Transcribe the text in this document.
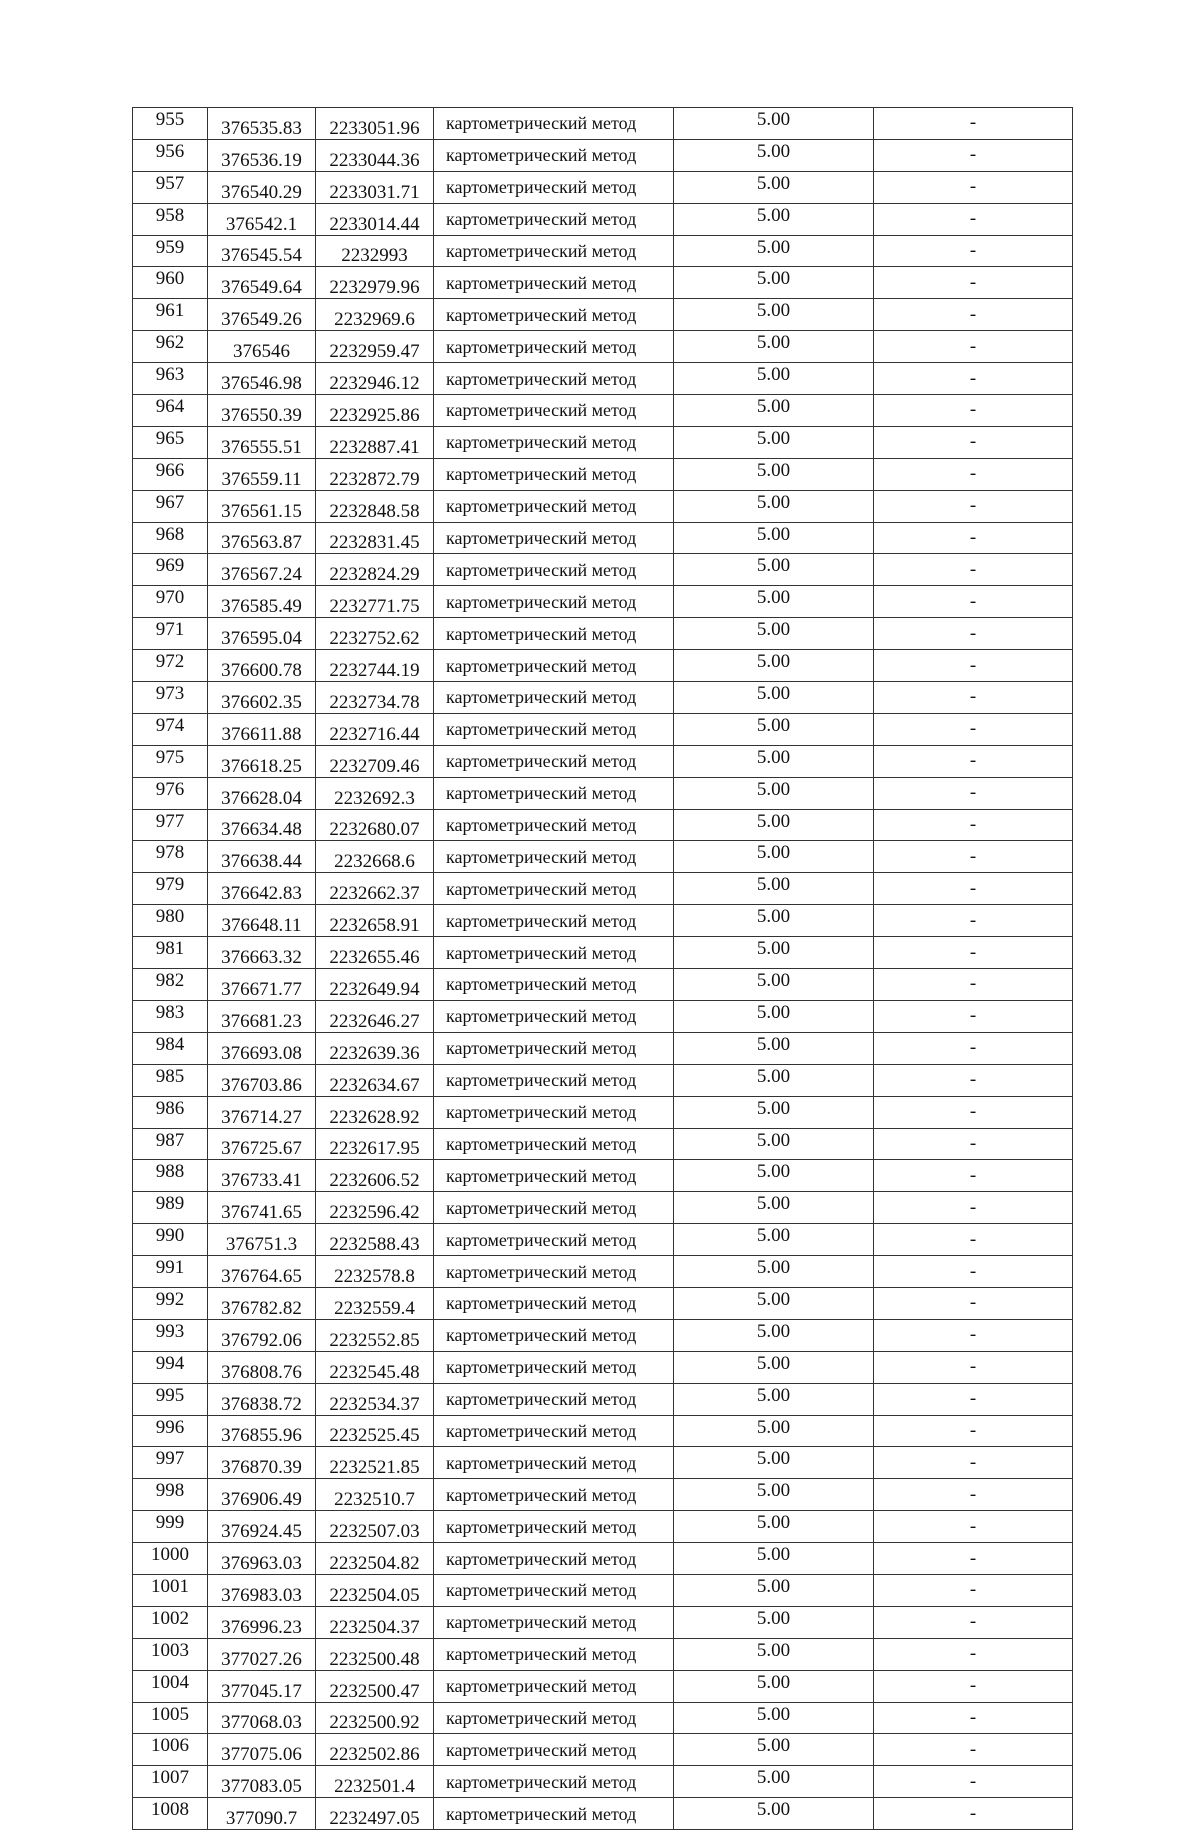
955	376535.83	2233051.96	картометрический метод	5.00	-
956	376536.19	2233044.36	картометрический метод	5.00	-
957	376540.29	2233031.71	картометрический метод	5.00	-
958	376542.1	2233014.44	картометрический метод	5.00	-
959	376545.54	2232993	картометрический метод	5.00	-
960	376549.64	2232979.96	картометрический метод	5.00	-
961	376549.26	2232969.6	картометрический метод	5.00	-
962	376546	2232959.47	картометрический метод	5.00	-
963	376546.98	2232946.12	картометрический метод	5.00	-
964	376550.39	2232925.86	картометрический метод	5.00	-
965	376555.51	2232887.41	картометрический метод	5.00	-
966	376559.11	2232872.79	картометрический метод	5.00	-
967	376561.15	2232848.58	картометрический метод	5.00	-
968	376563.87	2232831.45	картометрический метод	5.00	-
969	376567.24	2232824.29	картометрический метод	5.00	-
970	376585.49	2232771.75	картометрический метод	5.00	-
971	376595.04	2232752.62	картометрический метод	5.00	-
972	376600.78	2232744.19	картометрический метод	5.00	-
973	376602.35	2232734.78	картометрический метод	5.00	-
974	376611.88	2232716.44	картометрический метод	5.00	-
975	376618.25	2232709.46	картометрический метод	5.00	-
976	376628.04	2232692.3	картометрический метод	5.00	-
977	376634.48	2232680.07	картометрический метод	5.00	-
978	376638.44	2232668.6	картометрический метод	5.00	-
979	376642.83	2232662.37	картометрический метод	5.00	-
980	376648.11	2232658.91	картометрический метод	5.00	-
981	376663.32	2232655.46	картометрический метод	5.00	-
982	376671.77	2232649.94	картометрический метод	5.00	-
983	376681.23	2232646.27	картометрический метод	5.00	-
984	376693.08	2232639.36	картометрический метод	5.00	-
985	376703.86	2232634.67	картометрический метод	5.00	-
986	376714.27	2232628.92	картометрический метод	5.00	-
987	376725.67	2232617.95	картометрический метод	5.00	-
988	376733.41	2232606.52	картометрический метод	5.00	-
989	376741.65	2232596.42	картометрический метод	5.00	-
990	376751.3	2232588.43	картометрический метод	5.00	-
991	376764.65	2232578.8	картометрический метод	5.00	-
992	376782.82	2232559.4	картометрический метод	5.00	-
993	376792.06	2232552.85	картометрический метод	5.00	-
994	376808.76	2232545.48	картометрический метод	5.00	-
995	376838.72	2232534.37	картометрический метод	5.00	-
996	376855.96	2232525.45	картометрический метод	5.00	-
997	376870.39	2232521.85	картометрический метод	5.00	-
998	376906.49	2232510.7	картометрический метод	5.00	-
999	376924.45	2232507.03	картометрический метод	5.00	-
1000	376963.03	2232504.82	картометрический метод	5.00	-
1001	376983.03	2232504.05	картометрический метод	5.00	-
1002	376996.23	2232504.37	картометрический метод	5.00	-
1003	377027.26	2232500.48	картометрический метод	5.00	-
1004	377045.17	2232500.47	картометрический метод	5.00	-
1005	377068.03	2232500.92	картометрический метод	5.00	-
1006	377075.06	2232502.86	картометрический метод	5.00	-
1007	377083.05	2232501.4	картометрический метод	5.00	-
1008	377090.7	2232497.05	картометрический метод	5.00	-
